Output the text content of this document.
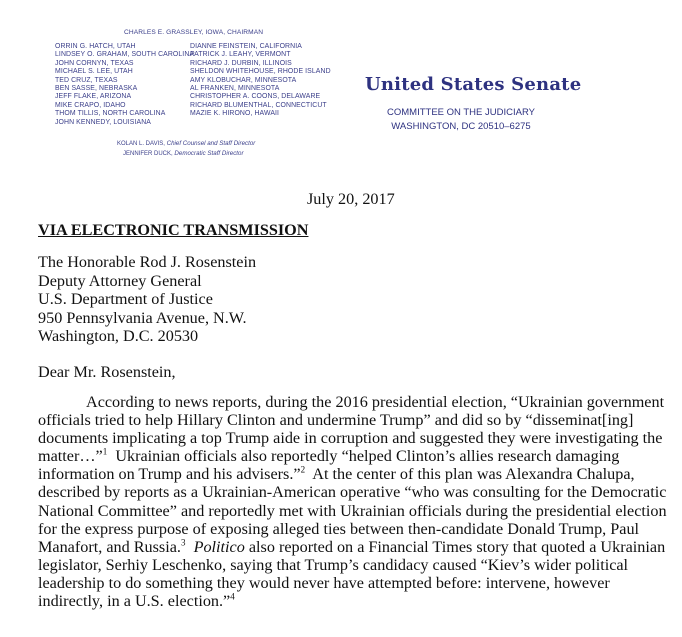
CHARLES E. GRASSLEY, IOWA, CHAIRMAN
ORRIN G. HATCH, UTAH
LINDSEY O. GRAHAM, SOUTH CAROLINA
JOHN CORNYN, TEXAS
MICHAEL S. LEE, UTAH
TED CRUZ, TEXAS
BEN SASSE, NEBRASKA
JEFF FLAKE, ARIZONA
MIKE CRAPO, IDAHO
THOM TILLIS, NORTH CAROLINA
JOHN KENNEDY, LOUISIANA
DIANNE FEINSTEIN, CALIFORNIA
PATRICK J. LEAHY, VERMONT
RICHARD J. DURBIN, ILLINOIS
SHELDON WHITEHOUSE, RHODE ISLAND
AMY KLOBUCHAR, MINNESOTA
AL FRANKEN, MINNESOTA
CHRISTOPHER A. COONS, DELAWARE
RICHARD BLUMENTHAL, CONNECTICUT
MAZIE K. HIRONO, HAWAII
KOLAN L. DAVIS, Chief Counsel and Staff Director
JENNIFER DUCK, Democratic Staff Director
United States Senate
COMMITTEE ON THE JUDICIARY
WASHINGTON, DC 20510–6275
July 20, 2017
VIA ELECTRONIC TRANSMISSION
The Honorable Rod J. Rosenstein
Deputy Attorney General
U.S. Department of Justice
950 Pennsylvania Avenue, N.W.
Washington, D.C. 20530
Dear Mr. Rosenstein,
According to news reports, during the 2016 presidential election, “Ukrainian government
officials tried to help Hillary Clinton and undermine Trump” and did so by “disseminat[ing]
documents implicating a top Trump aide in corruption and suggested they were investigating the
matter…”$^1$  Ukrainian officials also reportedly “helped Clinton’s allies research damaging
information on Trump and his advisers.”$^2$  At the center of this plan was Alexandra Chalupa,
described by reports as a Ukrainian-American operative “who was consulting for the Democratic
National Committee” and reportedly met with Ukrainian officials during the presidential election
for the express purpose of exposing alleged ties between then-candidate Donald Trump, Paul
Manafort, and Russia.$^3$ Politico also reported on a Financial Times story that quoted a Ukrainian
legislator, Serhiy Leschenko, saying that Trump’s candidacy caused “Kiev’s wider political
leadership to do something they would never have attempted before: intervene, however
indirectly, in a U.S. election.”$^4$
